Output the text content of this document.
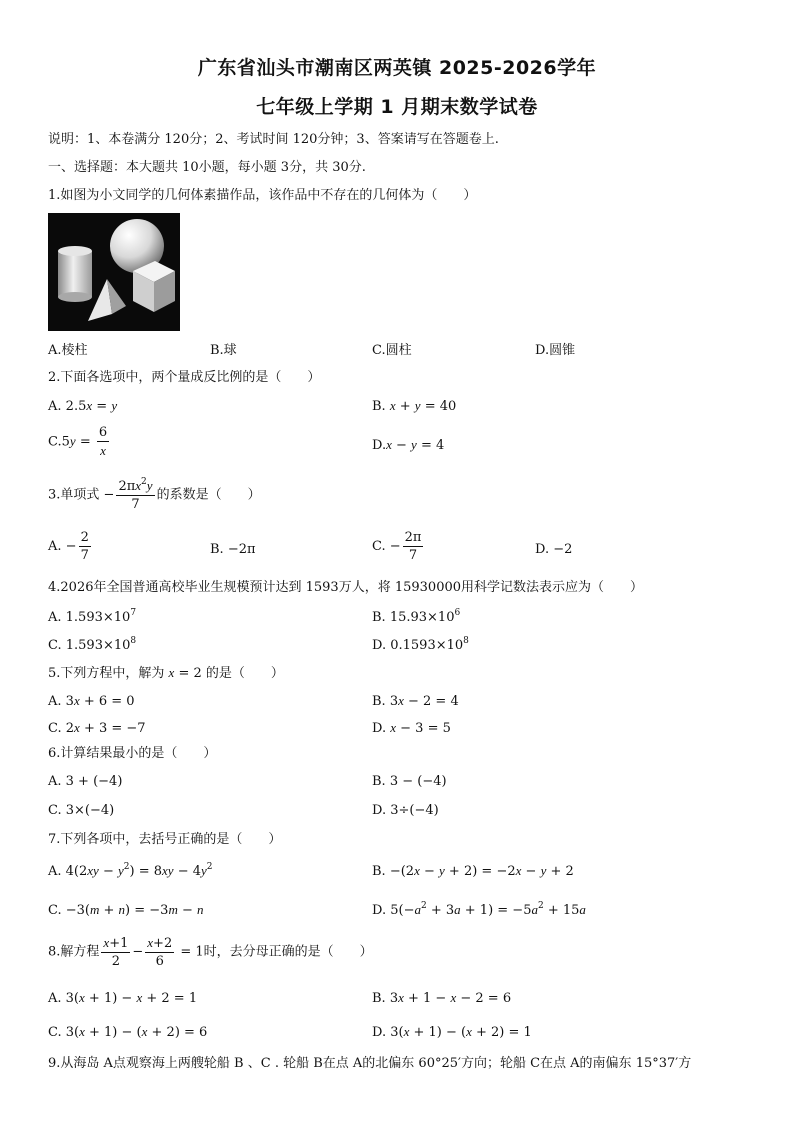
广东省汕头市潮南区两英镇 2025-2026学年
七年级上学期 1 月期末数学试卷
说明：1、本卷满分 120分；2、考试时间 120分钟；3、答案请写在答题卷上.
一、选择题：本大题共 10小题，每小题 3分，共 30分.
1.如图为小文同学的几何体素描作品，该作品中不存在的几何体为（　　）
A.棱柱	B.球	C.圆柱	D.圆锥
2.下面各选项中，两个量成反比例的是（　　）
A. 2.5x = y	B. x + y = 40
$C.5y = \frac{6}{x}$	D.x − y = 4
3.单项式 − $\frac{2\pi x^2y}{7}$ 的系数是（　　）
A. − $\frac{2}{7}$	B. −2π	C. − $\frac{2\pi}{7}$	D. −2
4.2026年全国普通高校毕业生规模预计达到 1593万人，将 15930000用科学记数法表示应为（　　）
A. $1.593\times 10^7$	B. $15.93\times 10^6$
C. $1.593\times 10^8$	D. $0.1593\times 10^8$
5.下列方程中，解为 x = 2 的是（　　）
A. 3x + 6 = 0	B. 3x − 2 = 4
C. 2x + 3 = −7	D. x − 3 = 5
6.计算结果最小的是（　　）
A. 3 + (−4)	B. 3 − (−4)
C. 3×(−4)	D. 3÷(−4)
7.下列各项中，去括号正确的是（　　）
A. $4(2xy - y^2) = 8xy - 4y^2$	B. −(2x − y + 2) = −2x − y + 2
C. −3(m + n) = −3m − n	D. $5(-a^2 + 3a + 1) = -5a^2 + 15a$
8.解方程 $\frac{x+1}{2} - \frac{x+2}{6} = 1$时，去分母正确的是（　　）
A. 3(x + 1) − x + 2 = 1	B. 3x + 1 − x − 2 = 6
C. 3(x + 1) − (x + 2) = 6	D. 3(x + 1) − (x + 2) = 1
9.从海岛 A点观察海上两艘轮船 B 、C . 轮船 B在点 A的北偏东 60°25′方向；轮船 C在点 A的南偏东 15°37′方
